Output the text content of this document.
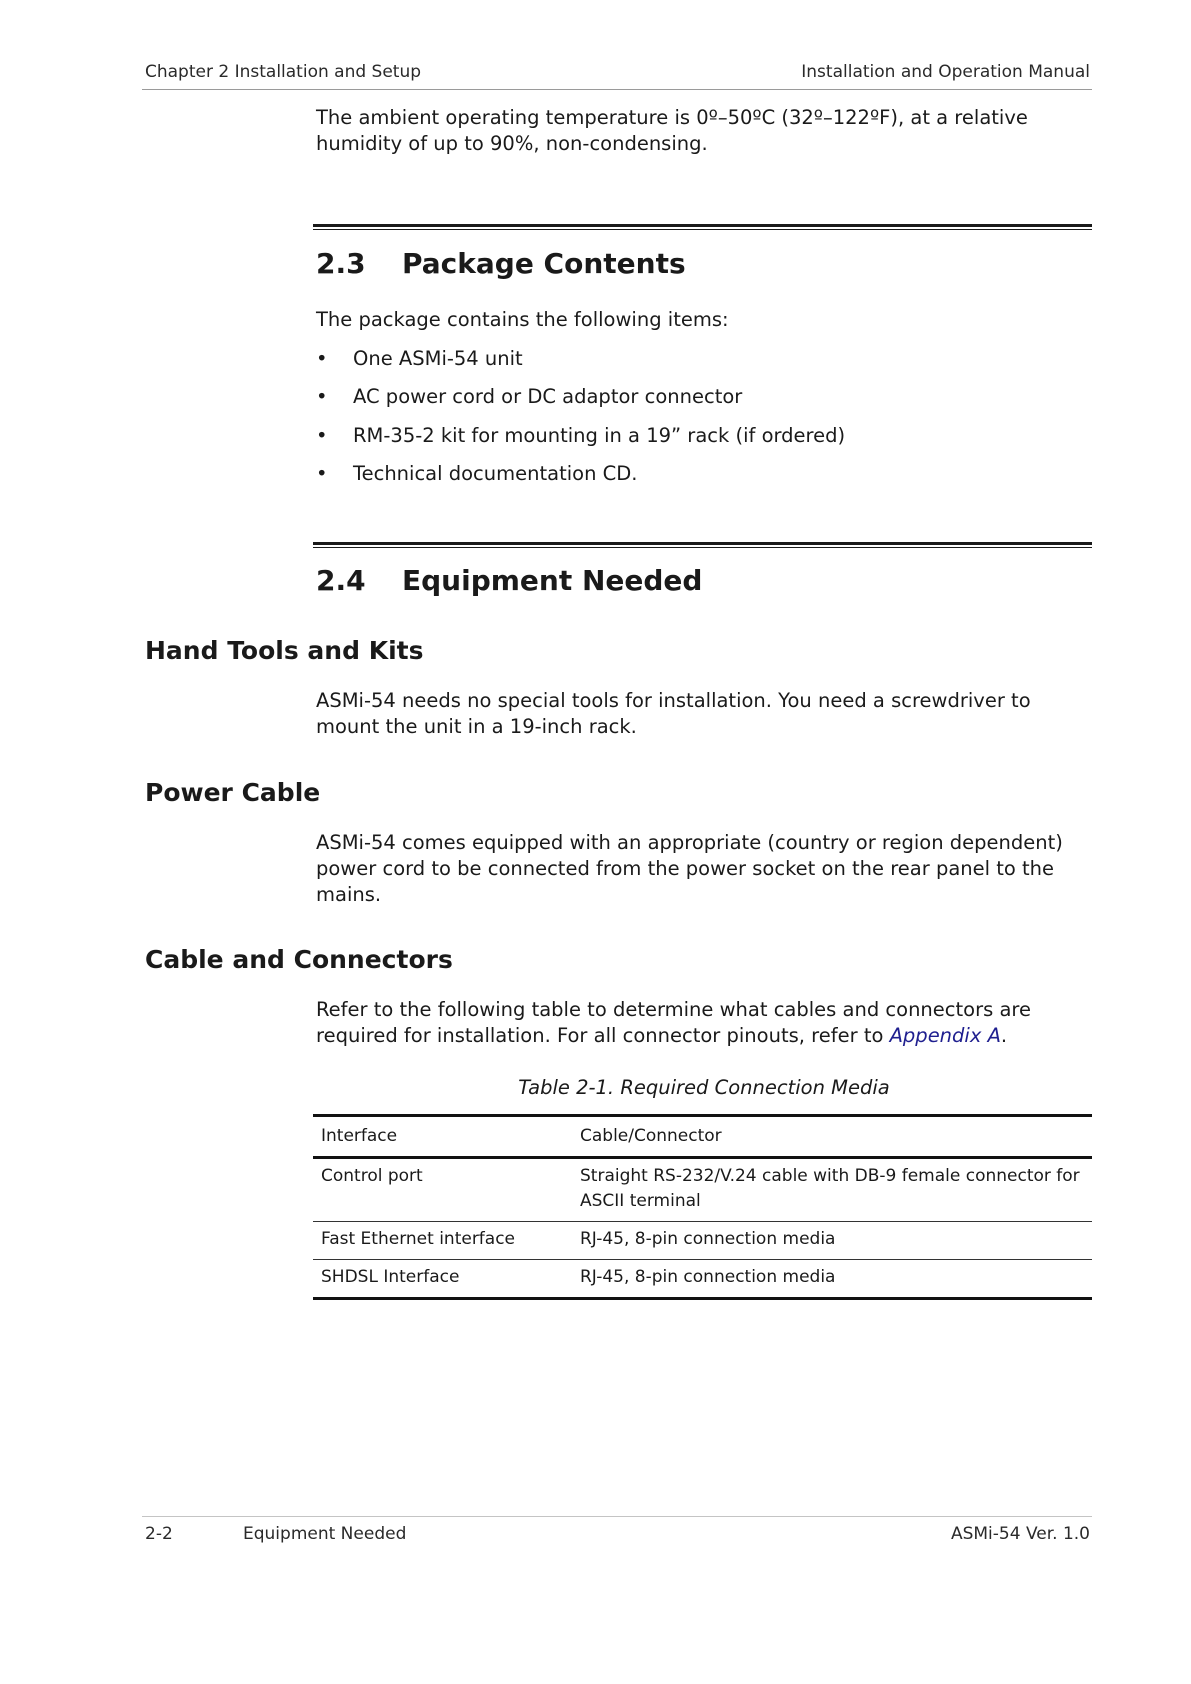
Chapter 2 Installation and Setup	Installation and Operation Manual

The ambient operating temperature is 0º–50ºC (32º–122ºF), at a relative humidity of up to 90%, non-condensing.

2.3 Package Contents

The package contains the following items:

• One ASMi-54 unit
• AC power cord or DC adaptor connector
• RM-35-2 kit for mounting in a 19” rack (if ordered)
• Technical documentation CD.
2.4 Equipment Needed
Hand Tools and Kits

ASMi-54 needs no special tools for installation. You need a screwdriver to mount the unit in a 19-inch rack.

Power Cable

ASMi-54 comes equipped with an appropriate (country or region dependent) power cord to be connected from the power socket on the rear panel to the mains.

Cable and Connectors

Refer to the following table to determine what cables and connectors are required for installation. For all connector pinouts, refer to Appendix A.

Table 2-1. Required Connection Media

Interface	Cable/Connector
Control port	Straight RS-232/V.24 cable with DB-9 female connector for ASCII terminal
Fast Ethernet interface	RJ-45, 8-pin connection media
SHDSL Interface	RJ-45, 8-pin connection media
2-2	Equipment Needed	ASMi-54 Ver. 1.0
